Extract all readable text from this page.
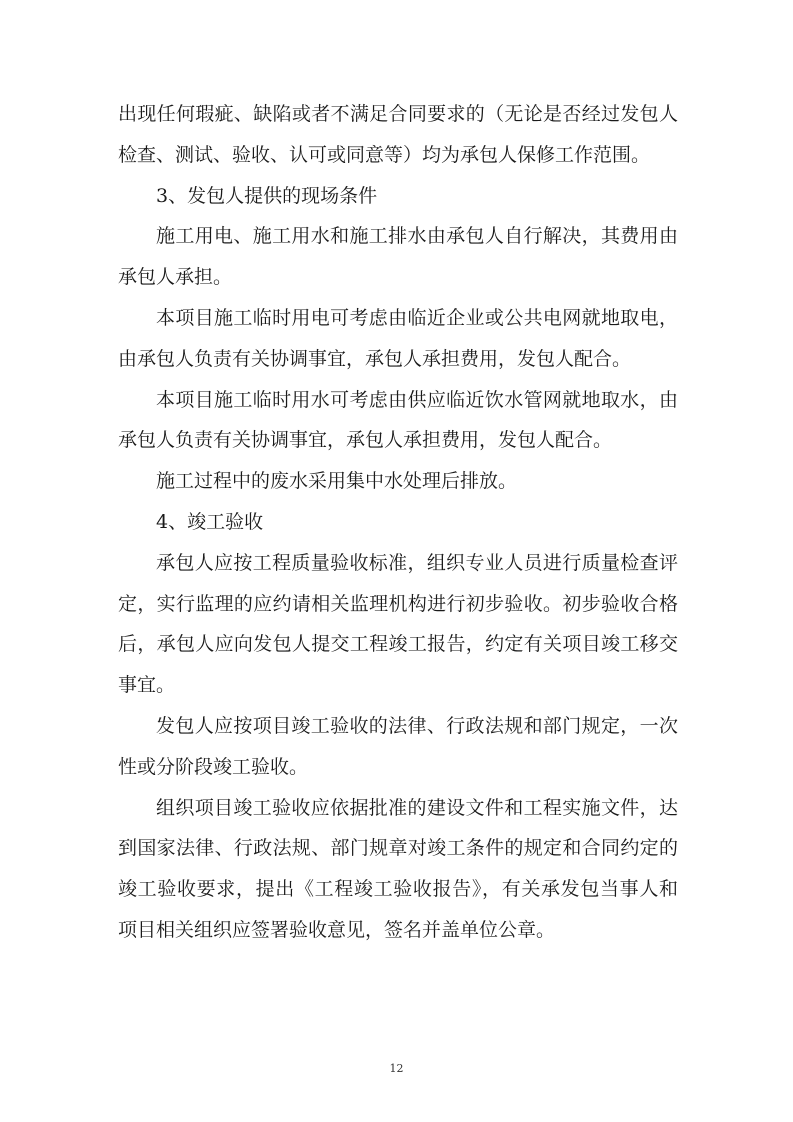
出现任何瑕疵、缺陷或者不满足合同要求的（无论是否经过发包人检查、测试、验收、认可或同意等）均为承包人保修工作范围。

3、发包人提供的现场条件

施工用电、施工用水和施工排水由承包人自行解决，其费用由承包人承担。

本项目施工临时用电可考虑由临近企业或公共电网就地取电，由承包人负责有关协调事宜，承包人承担费用，发包人配合。

本项目施工临时用水可考虑由供应临近饮水管网就地取水，由承包人负责有关协调事宜，承包人承担费用，发包人配合。

施工过程中的废水采用集中水处理后排放。

4、竣工验收

承包人应按工程质量验收标准，组织专业人员进行质量检查评定，实行监理的应约请相关监理机构进行初步验收。初步验收合格后，承包人应向发包人提交工程竣工报告，约定有关项目竣工移交事宜。

发包人应按项目竣工验收的法律、行政法规和部门规定，一次性或分阶段竣工验收。

组织项目竣工验收应依据批准的建设文件和工程实施文件，达到国家法律、行政法规、部门规章对竣工条件的规定和合同约定的竣工验收要求，提出《工程竣工验收报告》，有关承发包当事人和项目相关组织应签署验收意见，签名并盖单位公章。

12
